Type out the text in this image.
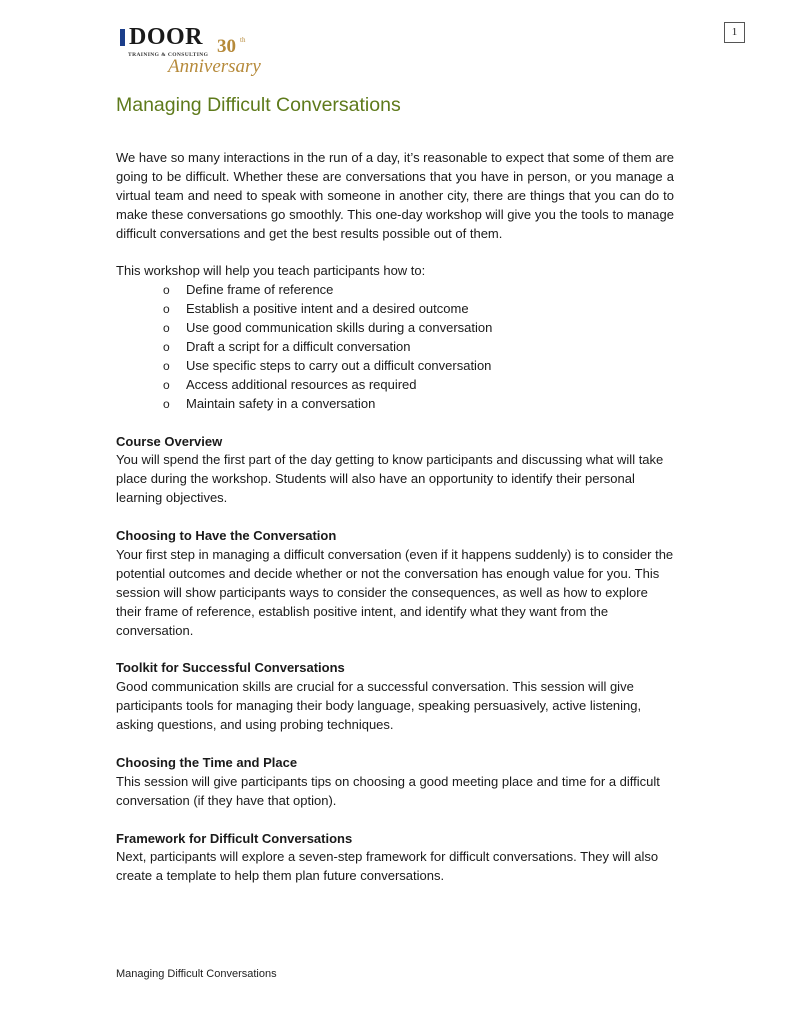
1
DOOR 30 th
TRAINING & CONSULTING
Anniversary
Managing Difficult Conversations

We have so many interactions in the run of a day, it’s reasonable to expect that some of them are going to be difficult. Whether these are conversations that you have in person, or you manage a virtual team and need to speak with someone in another city, there are things that you can do to make these conversations go smoothly. This one-day workshop will give you the tools to manage difficult conversations and get the best results possible out of them.

This workshop will help you teach participants how to:

o Define frame of reference
o Establish a positive intent and a desired outcome
o Use good communication skills during a conversation
o Draft a script for a difficult conversation
o Use specific steps to carry out a difficult conversation
o Access additional resources as required
o Maintain safety in a conversation

Course Overview

You will spend the first part of the day getting to know participants and discussing what will take place during the workshop. Students will also have an opportunity to identify their personal learning objectives.

Choosing to Have the Conversation

Your first step in managing a difficult conversation (even if it happens suddenly) is to consider the potential outcomes and decide whether or not the conversation has enough value for you. This session will show participants ways to consider the consequences, as well as how to explore their frame of reference, establish positive intent, and identify what they want from the conversation.

Toolkit for Successful Conversations

Good communication skills are crucial for a successful conversation. This session will give participants tools for managing their body language, speaking persuasively, active listening, asking questions, and using probing techniques.

Choosing the Time and Place

This session will give participants tips on choosing a good meeting place and time for a difficult conversation (if they have that option).

Framework for Difficult Conversations

Next, participants will explore a seven-step framework for difficult conversations. They will also create a template to help them plan future conversations.

Managing Difficult Conversations
